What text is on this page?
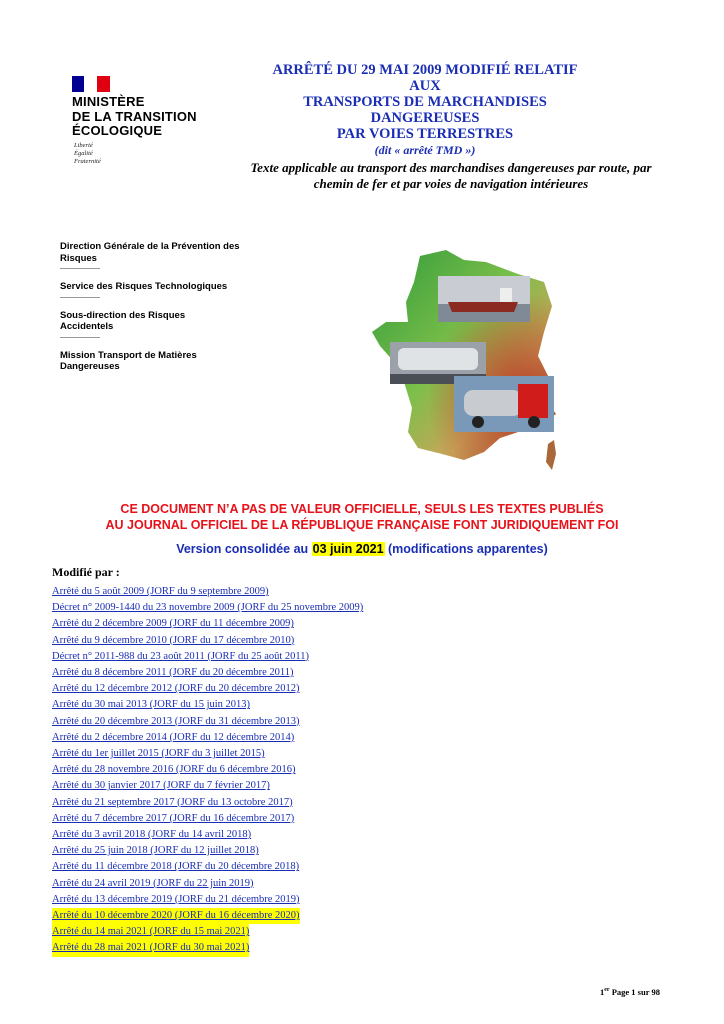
MINISTÈRE
DE LA TRANSITION
ÉCOLOGIQUE
Liberté
Égalité
Fraternité
ARRÊTÉ DU 29 MAI 2009 MODIFIÉ RELATIF AUX
TRANSPORTS DE MARCHANDISES DANGEREUSES
PAR VOIES TERRESTRES
(dit « arrêté TMD »)
Texte applicable au transport des marchandises dangereuses par route, par chemin de fer et par voies de navigation intérieures
Direction Générale de la Prévention des Risques
Service des Risques Technologiques
Sous-direction des Risques Accidentels
Mission Transport de Matières Dangereuses
CE DOCUMENT N’A PAS DE VALEUR OFFICIELLE, SEULS LES TEXTES PUBLIÉS
AU JOURNAL OFFICIEL DE LA RÉPUBLIQUE FRANÇAISE FONT JURIDIQUEMENT FOI
Version consolidée au 03 juin 2021 (modifications apparentes)
Modifié par :
Arrêté du 5 août 2009 (JORF du 9 septembre 2009)
Décret n° 2009-1440 du 23 novembre 2009 (JORF du 25 novembre 2009)
Arrêté du 2 décembre 2009 (JORF du 11 décembre 2009)
Arrêté du 9 décembre 2010 (JORF du 17 décembre 2010)
Décret n° 2011-988 du 23 août 2011 (JORF du 25 août 2011)
Arrêté du 8 décembre 2011 (JORF du 20 décembre 2011)
Arrêté du 12 décembre 2012 (JORF du 20 décembre 2012)
Arrêté du 30 mai 2013 (JORF du 15 juin 2013)
Arrêté du 20 décembre 2013 (JORF du 31 décembre 2013)
Arrêté du 2 décembre 2014 (JORF du 12 décembre 2014)
Arrêté du 1er juillet 2015 (JORF du 3 juillet 2015)
Arrêté du 28 novembre 2016 (JORF du 6 décembre 2016)
Arrêté du 30 janvier 2017 (JORF du 7 février 2017)
Arrêté du 21 septembre 2017 (JORF du 13 octobre 2017)
Arrêté du 7 décembre 2017 (JORF du 16 décembre 2017)
Arrêté du 3 avril 2018 (JORF du 14 avril 2018)
Arrêté du 25 juin 2018 (JORF du 12 juillet 2018)
Arrêté du 11 décembre 2018 (JORF du 20 décembre 2018)
Arrêté du 24 avril 2019 (JORF du 22 juin 2019)
Arrêté du 13 décembre 2019 (JORF du 21 décembre 2019)
Arrêté du 10 décembre 2020 (JORF du 16 décembre 2020)
Arrêté du 14 mai 2021 (JORF du 15 mai 2021)
Arrêté du 28 mai 2021 (JORF du 30 mai 2021)
1er Page 1 sur 98
